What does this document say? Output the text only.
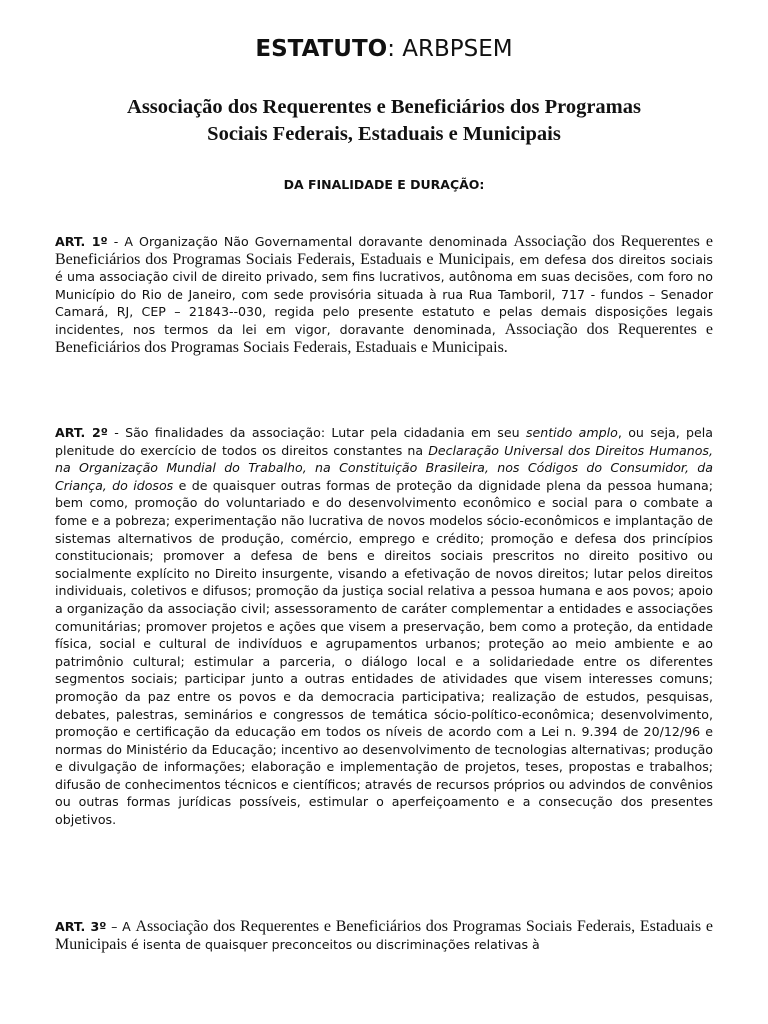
ESTATUTO: ARBPSEM
Associação dos Requerentes e Beneficiários dos Programas
Sociais Federais, Estaduais e Municipais
DA FINALIDADE E DURAÇÃO:
ART. 1º - A Organização Não Governamental doravante denominada Associação dos Requerentes e Beneficiários dos Programas Sociais Federais, Estaduais e Municipais, em defesa dos direitos sociais é uma associação civil de direito privado, sem fins lucrativos, autônoma em suas decisões, com foro no Município do Rio de Janeiro, com sede provisória situada à rua Rua Tamboril, 717 - fundos – Senador Camará, RJ, CEP – 21843--030, regida pelo presente estatuto e pelas demais disposições legais incidentes, nos termos da lei em vigor, doravante denominada, Associação dos Requerentes e Beneficiários dos Programas Sociais Federais, Estaduais e Municipais.
ART. 2º - São finalidades da associação: Lutar pela cidadania em seu sentido amplo, ou seja, pela plenitude do exercício de todos os direitos constantes na Declaração Universal dos Direitos Humanos, na Organização Mundial do Trabalho, na Constituição Brasileira, nos Códigos do Consumidor, da Criança, do idosos e de quaisquer outras formas de proteção da dignidade plena da pessoa humana; bem como, promoção do voluntariado e do desenvolvimento econômico e social para o combate a fome e a pobreza; experimentação não lucrativa de novos modelos sócio-econômicos e implantação de sistemas alternativos de produção, comércio, emprego e crédito; promoção e defesa dos princípios constitucionais; promover a defesa de bens e direitos sociais prescritos no direito positivo ou socialmente explícito no Direito insurgente, visando a efetivação de novos direitos; lutar pelos direitos individuais, coletivos e difusos; promoção da justiça social relativa a pessoa humana e aos povos; apoio a organização da associação civil; assessoramento de caráter complementar a entidades e associações comunitárias; promover projetos e ações que visem a preservação, bem como a proteção, da entidade física, social e cultural de indivíduos e agrupamentos urbanos; proteção ao meio ambiente e ao patrimônio cultural; estimular a parceria, o diálogo local e a solidariedade entre os diferentes segmentos sociais; participar junto a outras entidades de atividades que visem interesses comuns; promoção da paz entre os povos e da democracia participativa; realização de estudos, pesquisas, debates, palestras, seminários e congressos de temática sócio-político-econômica; desenvolvimento, promoção e certificação da educação em todos os níveis de acordo com a Lei n. 9.394 de 20/12/96 e normas do Ministério da Educação; incentivo ao desenvolvimento de tecnologias alternativas; produção e divulgação de informações; elaboração e implementação de projetos, teses, propostas e trabalhos; difusão de conhecimentos técnicos e científicos; através de recursos próprios ou advindos de convênios ou outras formas jurídicas possíveis, estimular o aperfeiçoamento e a consecução dos presentes objetivos.
ART. 3º – A Associação dos Requerentes e Beneficiários dos Programas Sociais Federais, Estaduais e Municipais é isenta de quaisquer preconceitos ou discriminações relativas à
